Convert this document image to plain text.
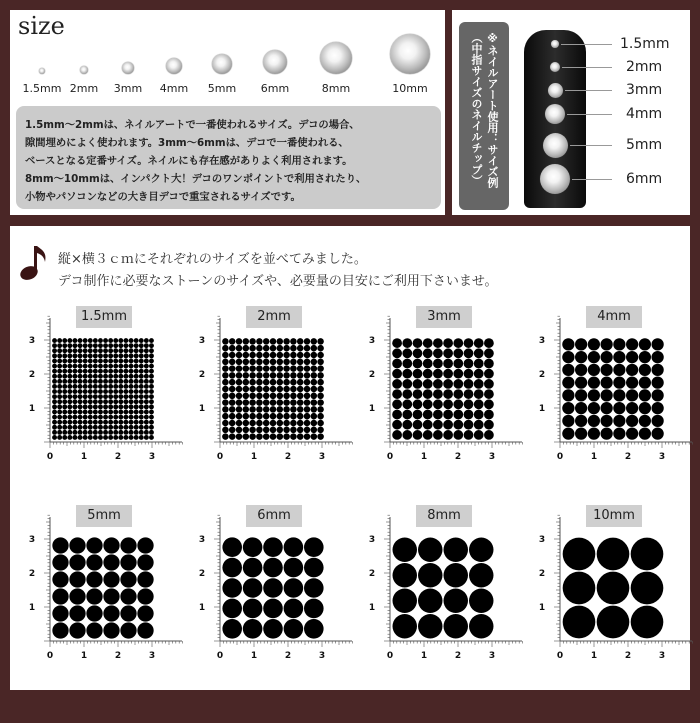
size
1.5mm 2mm 3mm 4mm 5mm 6mm	8mm	10mm
1.5mm～2mmは、ネイルアートで一番使われるサイズ。デコの場合、
隙間埋めによく使われます。3mm～6mmは、デコで一番使われる、
ベースとなる定番サイズ。ネイルにも存在感がありよく利用されます。
8mm～10mmは、インパクト大！デコのワンポイントで利用されたり、
小物やパソコンなどの大き目デコで重宝されるサイズです。
※ネイルアート使用：サイズ例
（中指サイズのネイルチップ）	1.5mm
2mm
3mm
4mm
5mm
6mm
縦×横３ｃｍにそれぞれのサイズを並べてみました。
デコ制作に必要なストーンのサイズや、必要量の目安にご利用下さいませ。
0	1
1
2
2
3
3
1.5mm
0	1
1
2
2
3
3
2mm
0	1
1
2
2
3
3
3mm
0	1
1
2
2
3
3
4mm
0	1
1
2
2
3
3
5mm
0	1
1
2
2
3
3
6mm
0	1
1
2
2
3
3
8mm
0	1
1
2
2
3
3
10mm
